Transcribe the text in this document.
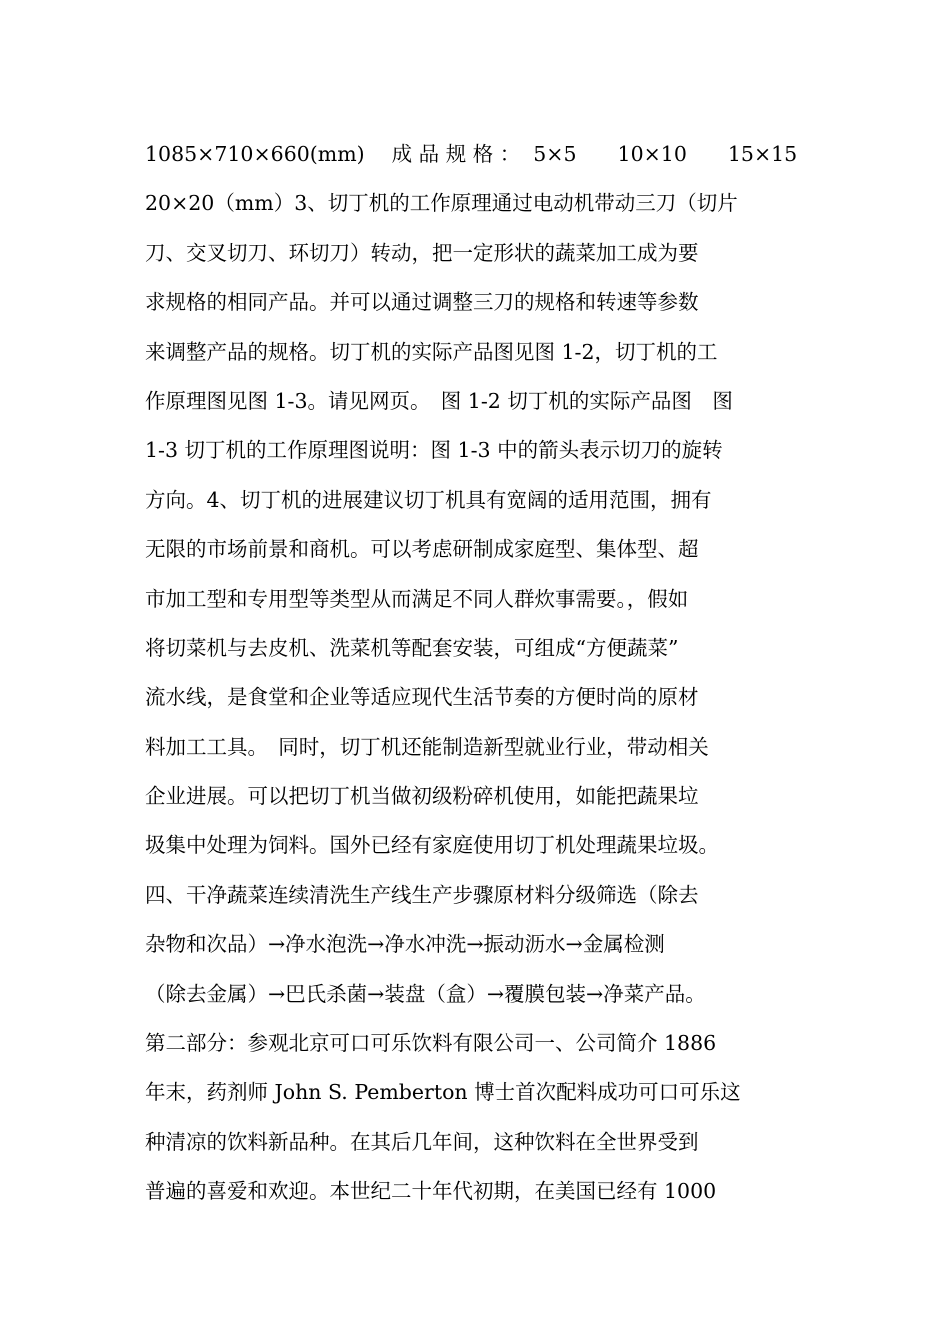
1085×710×660(mm)　 成 品 规 格 ：  5×5　　10×10　　15×15
20×20（mm）3、切丁机的工作原理通过电动机带动三刀（切片
刀、交叉切刀、环切刀）转动，把一定形状的蔬菜加工成为要
求规格的相同产品。并可以通过调整三刀的规格和转速等参数
来调整产品的规格。切丁机的实际产品图见图 1-2，切丁机的工
作原理图见图 1-3。请见网页。　图 1-2 切丁机的实际产品图　图
1-3 切丁机的工作原理图说明：图 1-3 中的箭头表示切刀的旋转
方向。4、切丁机的进展建议切丁机具有宽阔的适用范围，拥有
无限的市场前景和商机。可以考虑研制成家庭型、集体型、超
市加工型和专用型等类型从而满足不同人群炊事需要。，假如
将切菜机与去皮机、洗菜机等配套安装，可组成“方便蔬菜”
流水线，是食堂和企业等适应现代生活节奏的方便时尚的原材
料加工工具。　同时，切丁机还能制造新型就业行业，带动相关
企业进展。可以把切丁机当做初级粉碎机使用，如能把蔬果垃
圾集中处理为饲料。国外已经有家庭使用切丁机处理蔬果垃圾。
四、干净蔬菜连续清洗生产线生产步骤原材料分级筛选（除去
杂物和次品）→净水泡洗→净水冲洗→振动沥水→金属检测
（除去金属）→巴氏杀菌→装盘（盒）→覆膜包装→净菜产品。
第二部分：参观北京可口可乐饮料有限公司一、公司简介 1886
年末，药剂师 John S. Pemberton 博士首次配料成功可口可乐这
种清凉的饮料新品种。在其后几年间，这种饮料在全世界受到
普遍的喜爱和欢迎。本世纪二十年代初期，在美国已经有 1000
